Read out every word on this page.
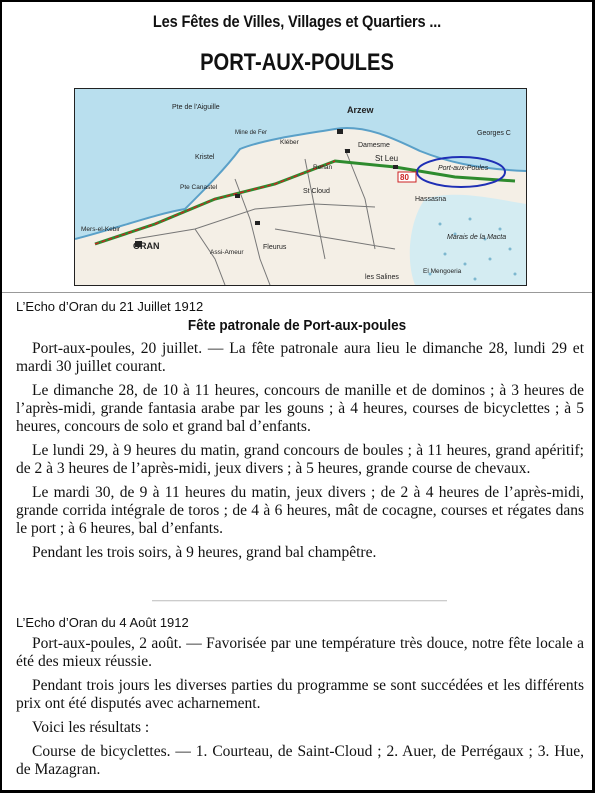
Les Fêtes de Villes, Villages et Quartiers ...
PORT-AUX-POULES
Pte de l'Aiguille	Arzew
Georges C
Damesme
St Leu
Port-aux-Poules
Hassasna
Marais de la Macta
Kristel
Pte Canastel
St Cloud
Fleurus
ORAN
Mers-el-Kebir
Assi-Ameur
les Salines
El Mengoeria
Renan
Mine de Fer
Kléber
80
L’Echo d’Oran du 21 Juillet 1912
Fête patronale de Port-aux-poules

Port-aux-poules, 20 juillet. — La fête patronale aura lieu le dimanche 28, lundi 29 et mardi 30 juillet courant.

Le dimanche 28, de 10 à 11 heures, concours de manille et de dominos ; à 3 heures de l’après-midi, grande fantasia arabe par les gouns ; à 4 heures, courses de bicyclettes ; à 5 heures, concours de solo et grand bal d’enfants.

Le lundi 29, à 9 heures du matin, grand concours de boules ; à 11 heures, grand apéritif; de 2 à 3 heures de l’après-midi, jeux divers ; à 5 heures, grande course de chevaux.

Le mardi 30, de 9 à 11 heures du matin, jeux divers ; de 2 à 4 heures de l’après-midi, grande corrida intégrale de toros ; de 4 à 6 heures, mât de cocagne, courses et régates dans le port ; à 6 heures, bal d’enfants.

Pendant les trois soirs, à 9 heures, grand bal champêtre.

L’Echo d’Oran du 4 Août 1912

Port-aux-poules, 2 août. — Favorisée par une température très douce, notre fête locale a été des mieux réussie.

Pendant trois jours les diverses parties du programme se sont succédées et les différents prix ont été disputés avec acharnement.

Voici les résultats :

Course de bicyclettes. — 1. Courteau, de Saint-Cloud ; 2. Auer, de Perrégaux ; 3. Hue, de Mazagran.
